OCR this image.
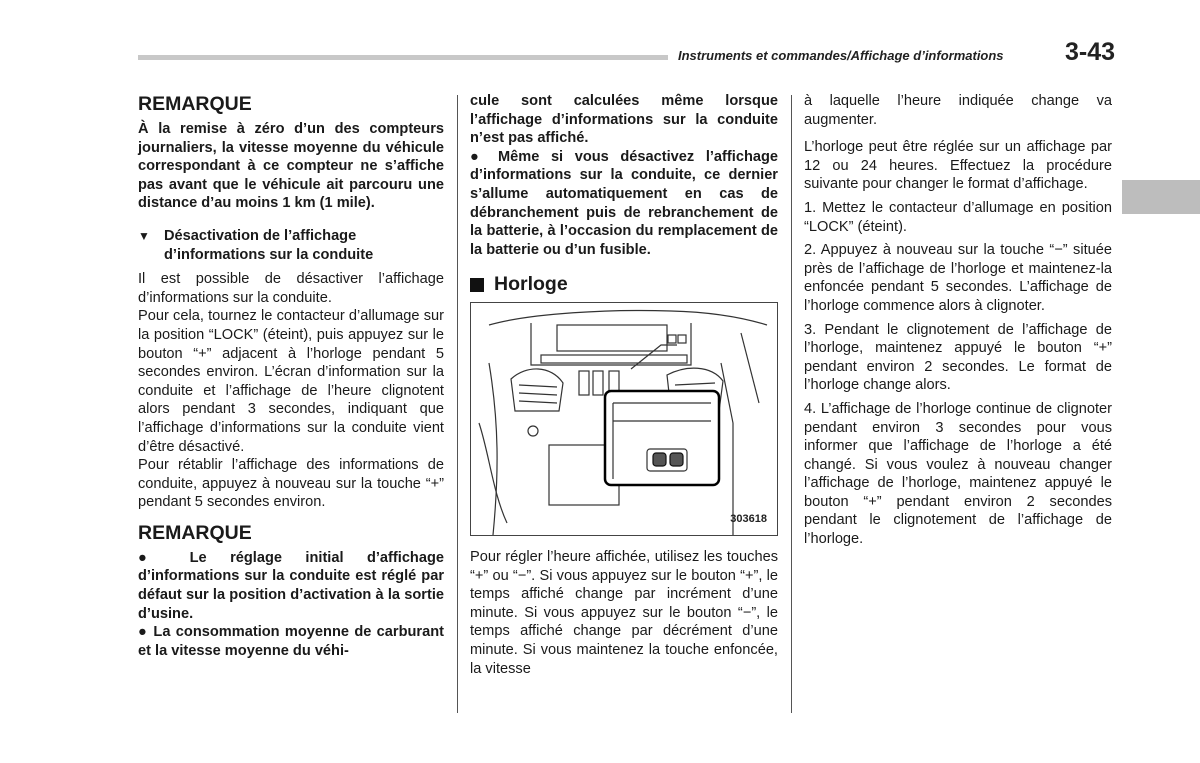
Instruments et commandes/Affichage d’informations 3-43
REMARQUE

À la remise à zéro d’un des compteurs journaliers, la vitesse moyenne du véhicule correspondant à ce compteur ne s’affiche pas avant que le véhicule ait parcouru une distance d’au moins 1 km (1 mile).

▼ Désactivation de l’affichage d’informations sur la conduite

Il est possible de désactiver l’affichage d’informations sur la conduite.

Pour cela, tournez le contacteur d’allumage sur la position “LOCK” (éteint), puis appuyez sur le bouton “+” adjacent à l’horloge pendant 5 secondes environ. L’écran d’information sur la conduite et l’affichage de l’heure clignotent alors pendant 3 secondes, indiquant que l’affichage d’informations sur la conduite vient d’être désactivé.

Pour rétablir l’affichage des informations de conduite, appuyez à nouveau sur la touche “+” pendant 5 secondes environ.

REMARQUE

● Le réglage initial d’affichage d’informations sur la conduite est réglé par défaut sur la position d’activation à la sortie d’usine.

● La consommation moyenne de carburant et la vitesse moyenne du véhi-

cule sont calculées même lorsque l’affichage d’informations sur la conduite n’est pas affiché.

● Même si vous désactivez l’affichage d’informations sur la conduite, ce dernier s’allume automatiquement en cas de débranchement puis de rebranchement de la batterie, à l’occasion du remplacement de la batterie ou d’un fusible.

Horloge
303618

Pour régler l’heure affichée, utilisez les touches “+” ou “−”. Si vous appuyez sur le bouton “+”, le temps affiché change par incrément d’une minute. Si vous appuyez sur le bouton “−”, le temps affiché change par décrément d’une minute. Si vous maintenez la touche enfoncée, la vitesse

à laquelle l’heure indiquée change va augmenter.

L’horloge peut être réglée sur un affichage par 12 ou 24 heures. Effectuez la procédure suivante pour changer le format d’affichage.

1. Mettez le contacteur d’allumage en position “LOCK” (éteint).

2. Appuyez à nouveau sur la touche “−” située près de l’affichage de l’horloge et maintenez-la enfoncée pendant 5 secondes. L’affichage de l’horloge commence alors à clignoter.

3. Pendant le clignotement de l’affichage de l’horloge, maintenez appuyé le bouton “+” pendant environ 2 secondes. Le format de l’horloge change alors.

4. L’affichage de l’horloge continue de clignoter pendant environ 3 secondes pour vous informer que l’affichage de l’horloge a été changé. Si vous voulez à nouveau changer l’affichage de l’horloge, maintenez appuyé le bouton “+” pendant environ 2 secondes pendant le clignotement de l’affichage de l’horloge.
